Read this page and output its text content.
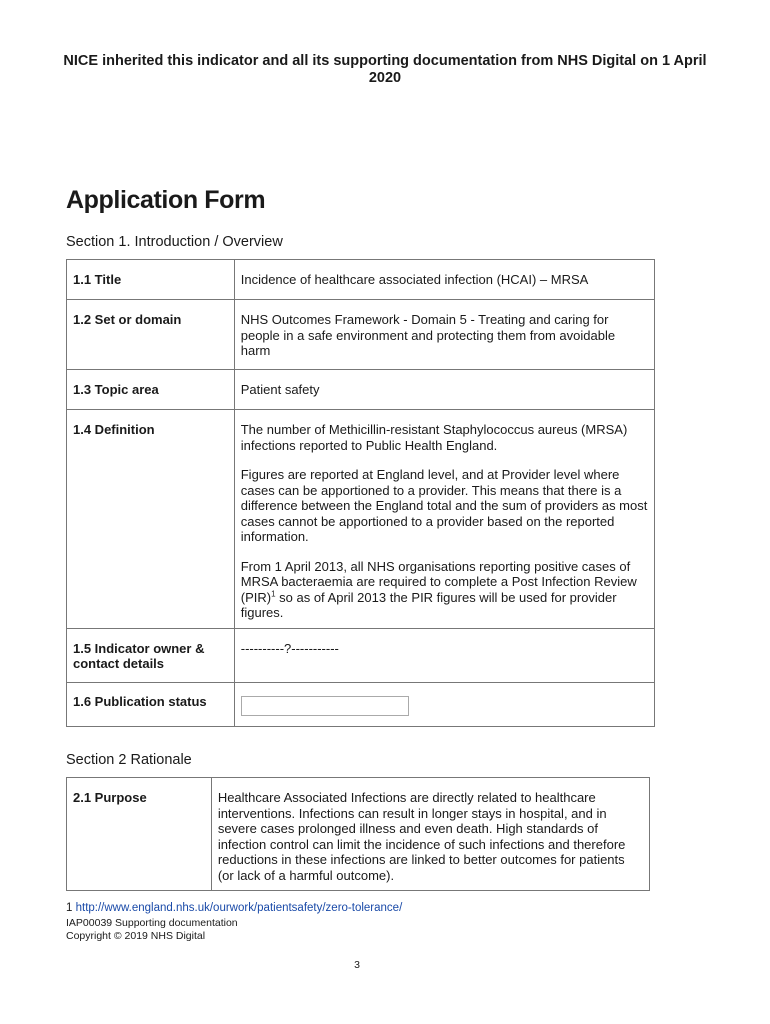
NICE inherited this indicator and all its supporting documentation from NHS Digital on 1 April 2020
Application Form
Section 1. Introduction / Overview
1.1 Title	Incidence of healthcare associated infection (HCAI) – MRSA
1.2 Set or domain	NHS Outcomes Framework - Domain 5 - Treating and caring for people in a safe environment and protecting them from avoidable harm
1.3 Topic area	Patient safety
1.4 Definition	The number of Methicillin-resistant Staphylococcus aureus (MRSA) infections reported to Public Health England.

Figures are reported at England level, and at Provider level where cases can be apportioned to a provider. This means that there is a difference between the England total and the sum of providers as most cases cannot be apportioned to a provider based on the reported information.

From 1 April 2013, all NHS organisations reporting positive cases of MRSA bacteraemia are required to complete a Post Infection Review (PIR)$^1$ so as of April 2013 the PIR figures will be used for provider figures.

1.5 Indicator owner & contact details	----------?-----------
1.6 Publication status	
Section 2 Rationale
2.1 Purpose	Healthcare Associated Infections are directly related to healthcare interventions. Infections can result in longer stays in hospital, and in severe cases prolonged illness and even death. High standards of infection control can limit the incidence of such infections and therefore reductions in these infections are linked to better outcomes for patients (or lack of a harmful outcome).
1 http://www.england.nhs.uk/ourwork/patientsafety/zero-tolerance/
IAP00039 Supporting documentation
Copyright © 2019 NHS Digital
3
